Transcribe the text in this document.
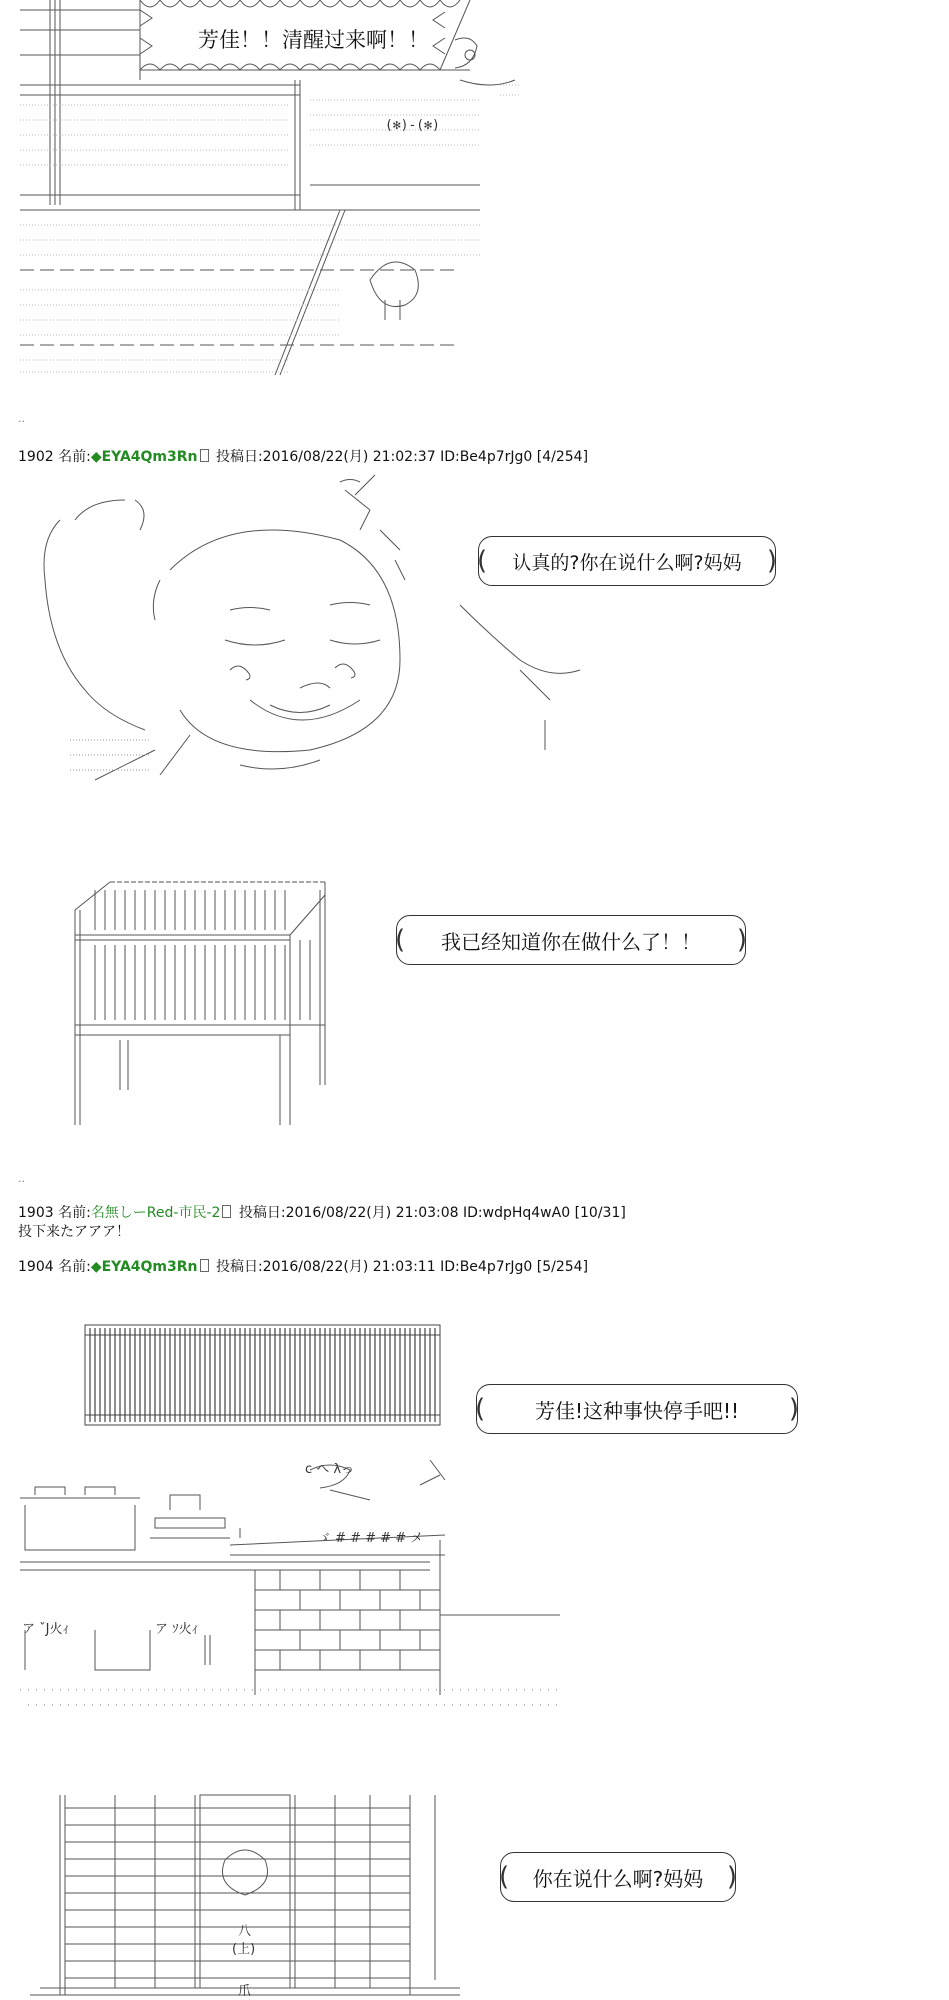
芳佳！！清醒过来啊！！
(✻)-(✻)
..
1902 名前:◆EYA4Qm3Rn 投稿日:2016/08/22(月) 21:02:37 ID:Be4p7rJg0 [4/254]
( 认真的?你在说什么啊?妈妈 )
( 我已经知道你在做什么了！！ )
..
1903 名前:名無しーRed-市民-2 投稿日:2016/08/22(月) 21:03:08 ID:wdpHq4wA0 [10/31]
投下来たアアア！
1904 名前:◆EYA4Qm3Rn 投稿日:2016/08/22(月) 21:03:11 ID:Be4p7rJg0 [5/254]
( 芳佳!这种事快停手吧!! )
c へ λっ
ゞ # # # # # メ
ア ˇJ火ｨ	ア ｿ火ｨ
八
(上)
爪
( 你在说什么啊?妈妈 )
